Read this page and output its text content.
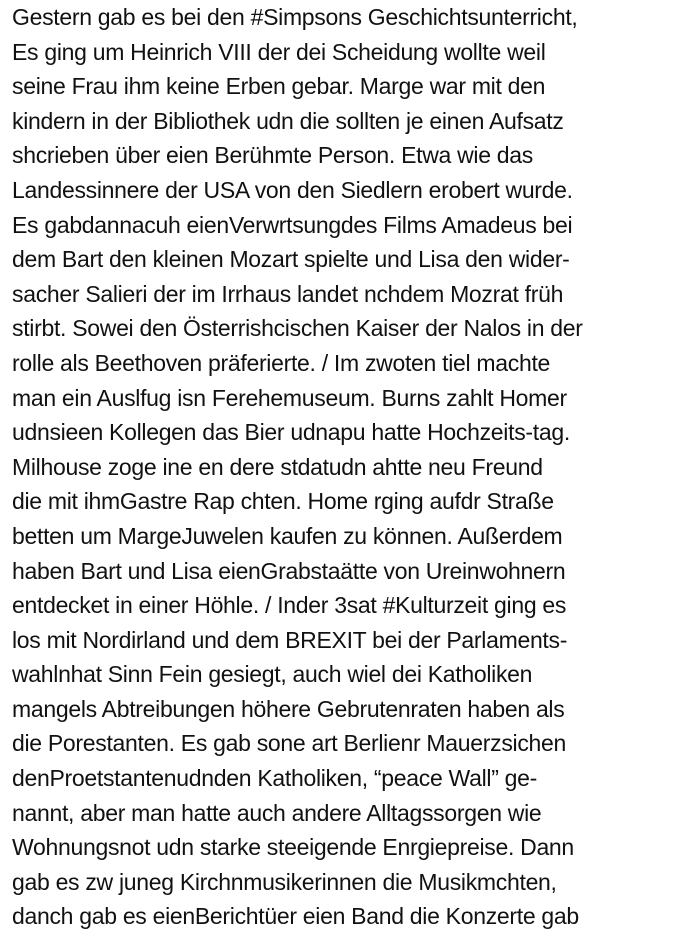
Gestern gab es bei den #Simpsons Geschichtsunterricht,
Es ging um Heinrich VIII der dei Scheidung wollte weil
seine Frau ihm keine Erben gebar. Marge war mit den
kindern in der Bibliothek udn die sollten je einen Aufsatz
shcrieben über eien Berühmte Person. Etwa wie das
Landessinnere der USA von den Siedlern erobert wurde.
Es gabdannacuh eienVerwrtsungdes Films Amadeus bei
dem Bart den kleinen Mozart spielte und Lisa den wider-
sacher Salieri der im Irrhaus landet nchdem Mozrat früh
stirbt. Sowei den Österrishcischen Kaiser der Nalos in der
rolle als Beethoven präferierte. / Im zwoten tiel machte
man ein Auslfug isn Ferehemuseum. Burns zahlt Homer
udnsieen Kollegen das Bier udnapu hatte Hochzeits-tag.
Milhouse zoge ine en dere stdatudn ahtte neu Freund
die mit ihmGastre Rap chten. Home rging aufdr Straße
betten um MargeJuwelen kaufen zu können. Außerdem
haben Bart und Lisa eienGrabstaätte von Ureinwohnern
entdecket in einer Höhle. / Inder 3sat #Kulturzeit ging es
los mit Nordirland und dem BREXIT bei der Parlaments-
wahlnhat Sinn Fein gesiegt, auch wiel dei Katholiken
mangels Abtreibungen höhere Gebrutenraten haben als
die Porestanten. Es gab sone art Berlienr Mauerzsichen
denProetstantenudnden Katholiken, “peace Wall” ge-
nannt, aber man hatte auch andere Alltagssorgen wie
Wohnungsnot udn starke steeigende Enrgiepreise. Dann
gab es zw juneg Kirchnmusikerinnen die Musikmchten,
danch gab es eienBerichtüer eien Band die Konzerte gab
